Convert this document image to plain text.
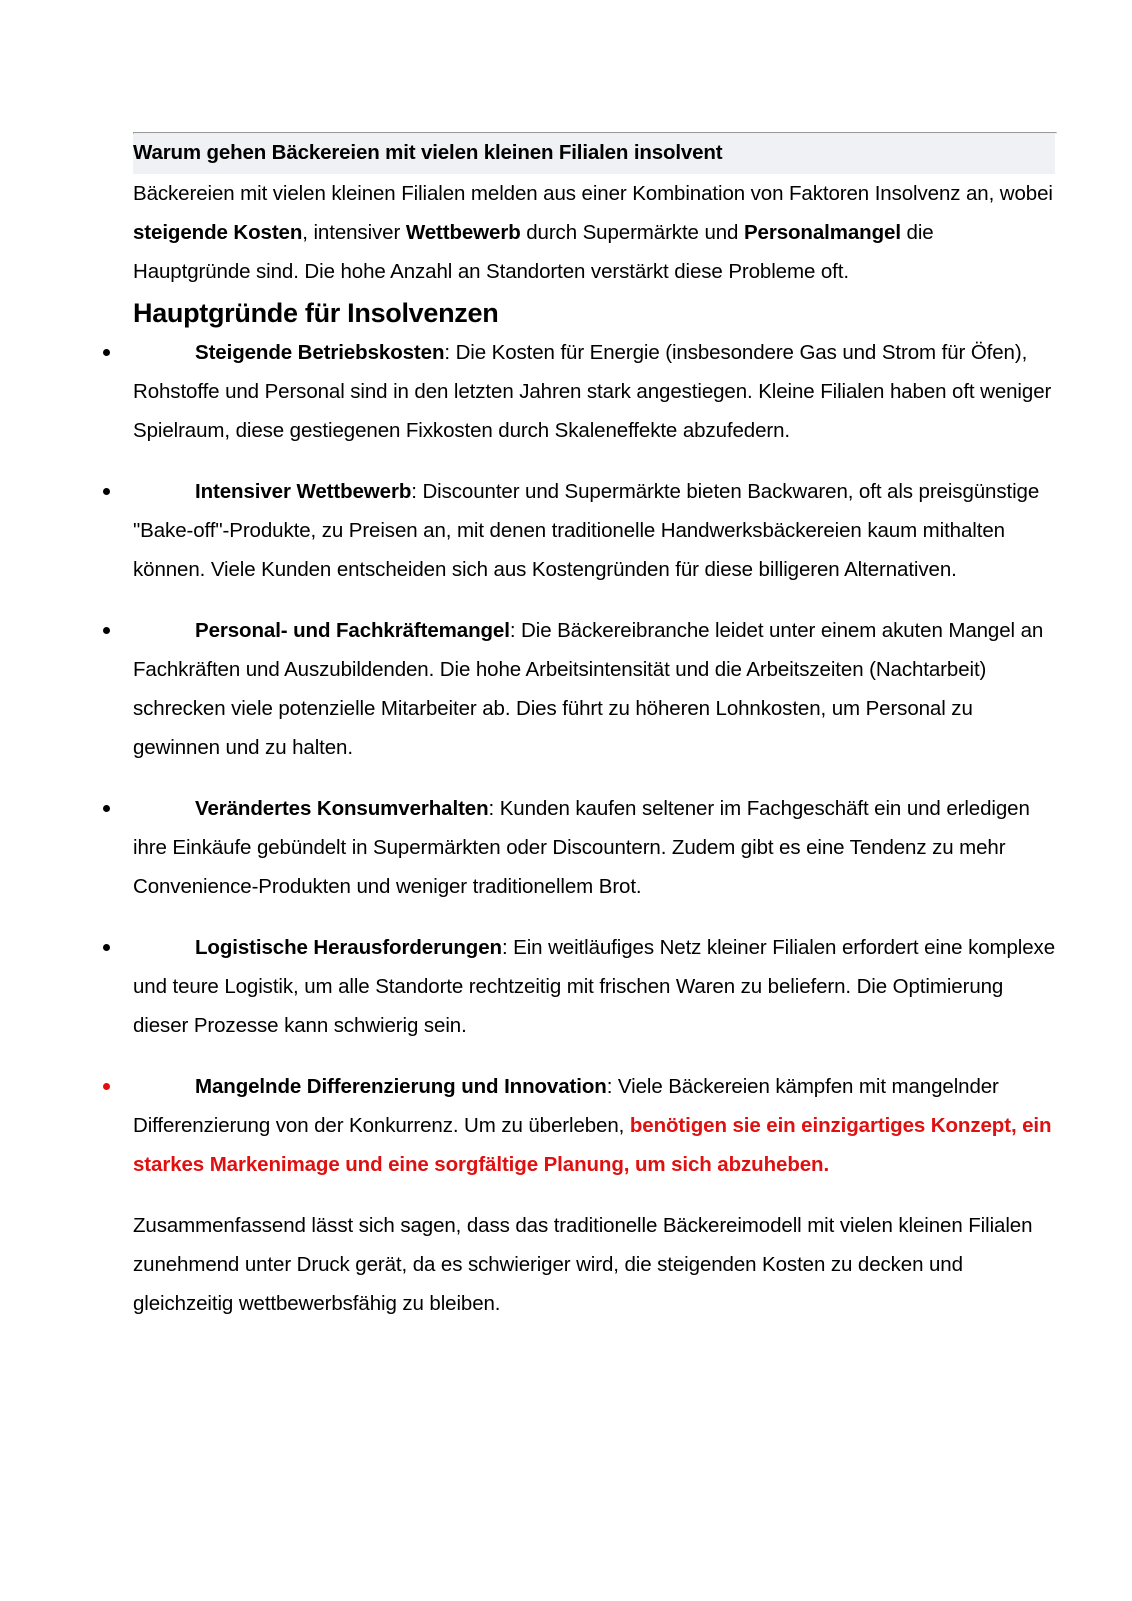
Warum gehen Bäckereien mit vielen kleinen Filialen insolvent

Bäckereien mit vielen kleinen Filialen melden aus einer Kombination von Faktoren Insolvenz an, wobei

steigende Kosten, intensiver Wettbewerb durch Supermärkte und Personalmangel die Hauptgründe sind. Die hohe Anzahl an Standorten verstärkt diese Probleme oft.

Hauptgründe für Insolvenzen
Steigende Betriebskosten: Die Kosten für Energie (insbesondere Gas und Strom für Öfen), Rohstoffe und Personal sind in den letzten Jahren stark angestiegen. Kleine Filialen haben oft weniger Spielraum, diese gestiegenen Fixkosten durch Skaleneffekte abzufedern.
Intensiver Wettbewerb: Discounter und Supermärkte bieten Backwaren, oft als preisgünstige "Bake-off"-Produkte, zu Preisen an, mit denen traditionelle Handwerksbäckereien kaum mithalten können. Viele Kunden entscheiden sich aus Kostengründen für diese billigeren Alternativen.
Personal- und Fachkräftemangel: Die Bäckereibranche leidet unter einem akuten Mangel an Fachkräften und Auszubildenden. Die hohe Arbeitsintensität und die Arbeitszeiten (Nachtarbeit) schrecken viele potenzielle Mitarbeiter ab. Dies führt zu höheren Lohnkosten, um Personal zu gewinnen und zu halten.
Verändertes Konsumverhalten: Kunden kaufen seltener im Fachgeschäft ein und erledigen ihre Einkäufe gebündelt in Supermärkten oder Discountern. Zudem gibt es eine Tendenz zu mehr Convenience-Produkten und weniger traditionellem Brot.
Logistische Herausforderungen: Ein weitläufiges Netz kleiner Filialen erfordert eine komplexe und teure Logistik, um alle Standorte rechtzeitig mit frischen Waren zu beliefern. Die Optimierung dieser Prozesse kann schwierig sein.
Mangelnde Differenzierung und Innovation: Viele Bäckereien kämpfen mit mangelnder Differenzierung von der Konkurrenz. Um zu überleben, benötigen sie ein einzigartiges Konzept, ein starkes Markenimage und eine sorgfältige Planung, um sich abzuheben.

Zusammenfassend lässt sich sagen, dass das traditionelle Bäckereimodell mit vielen kleinen Filialen zunehmend unter Druck gerät, da es schwieriger wird, die steigenden Kosten zu decken und gleichzeitig wettbewerbsfähig zu bleiben.
